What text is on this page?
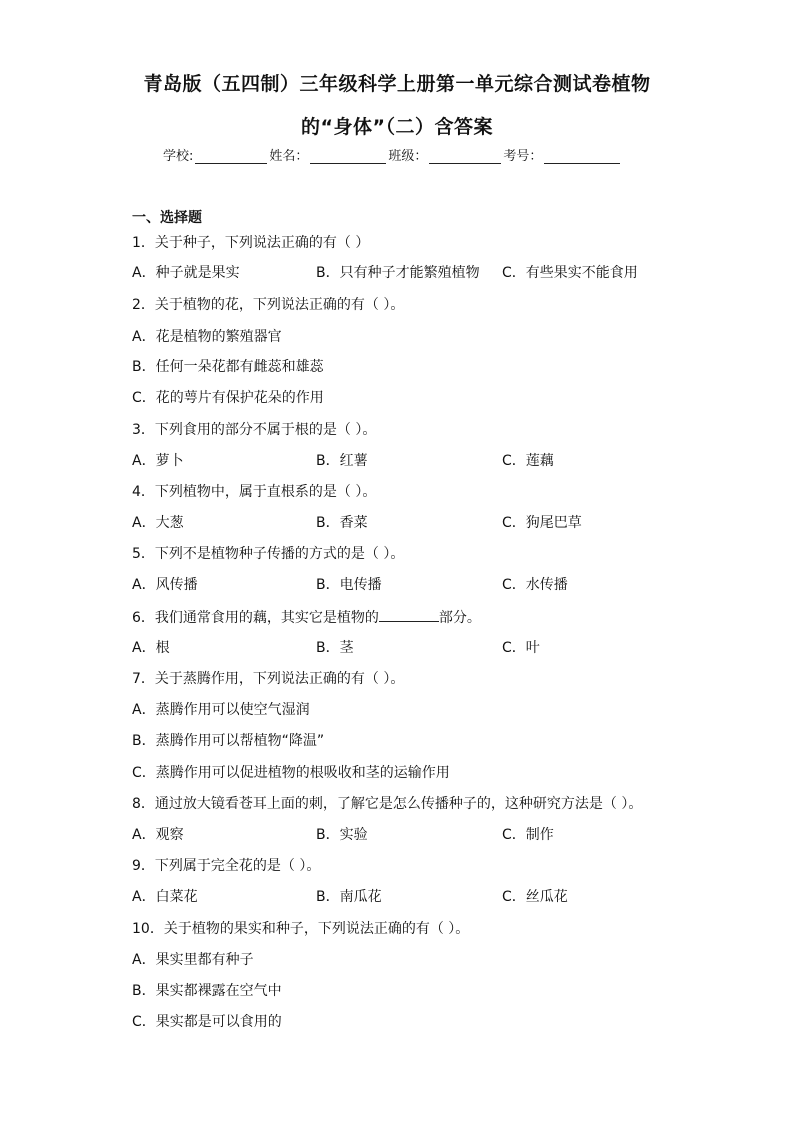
青岛版（五四制）三年级科学上册第一单元综合测试卷植物
的“身体”（二）含答案
学校:	姓名：	班级：	考号：
一、选择题
1．关于种子，下列说法正确的有（ ）
A．种子就是果实	B．只有种子才能繁殖植物 C．有些果实不能食用
2．关于植物的花，下列说法正确的有（ ）。
A．花是植物的繁殖器官
B．任何一朵花都有雌蕊和雄蕊
C．花的萼片有保护花朵的作用
3．下列食用的部分不属于根的是（ ）。
A．萝卜	B．红薯	C．莲藕
4．下列植物中，属于直根系的是（ ）。
A．大葱	B．香菜	C．狗尾巴草
5．下列不是植物种子传播的方式的是（ ）。
A．风传播	B．电传播	C．水传播
6．我们通常食用的藕，其实它是植物的	部分。
A．根	B．茎	C．叶
7．关于蒸腾作用，下列说法正确的有（ ）。
A．蒸腾作用可以使空气湿润
B．蒸腾作用可以帮植物“降温”
C．蒸腾作用可以促进植物的根吸收和茎的运输作用
8．通过放大镜看苍耳上面的刺，了解它是怎么传播种子的，这种研究方法是（ ）。
A．观察	B．实验	C．制作
9．下列属于完全花的是（ ）。
A．白菜花	B．南瓜花	C．丝瓜花
10．关于植物的果实和种子，下列说法正确的有（ ）。
A．果实里都有种子
B．果实都裸露在空气中
C．果实都是可以食用的
